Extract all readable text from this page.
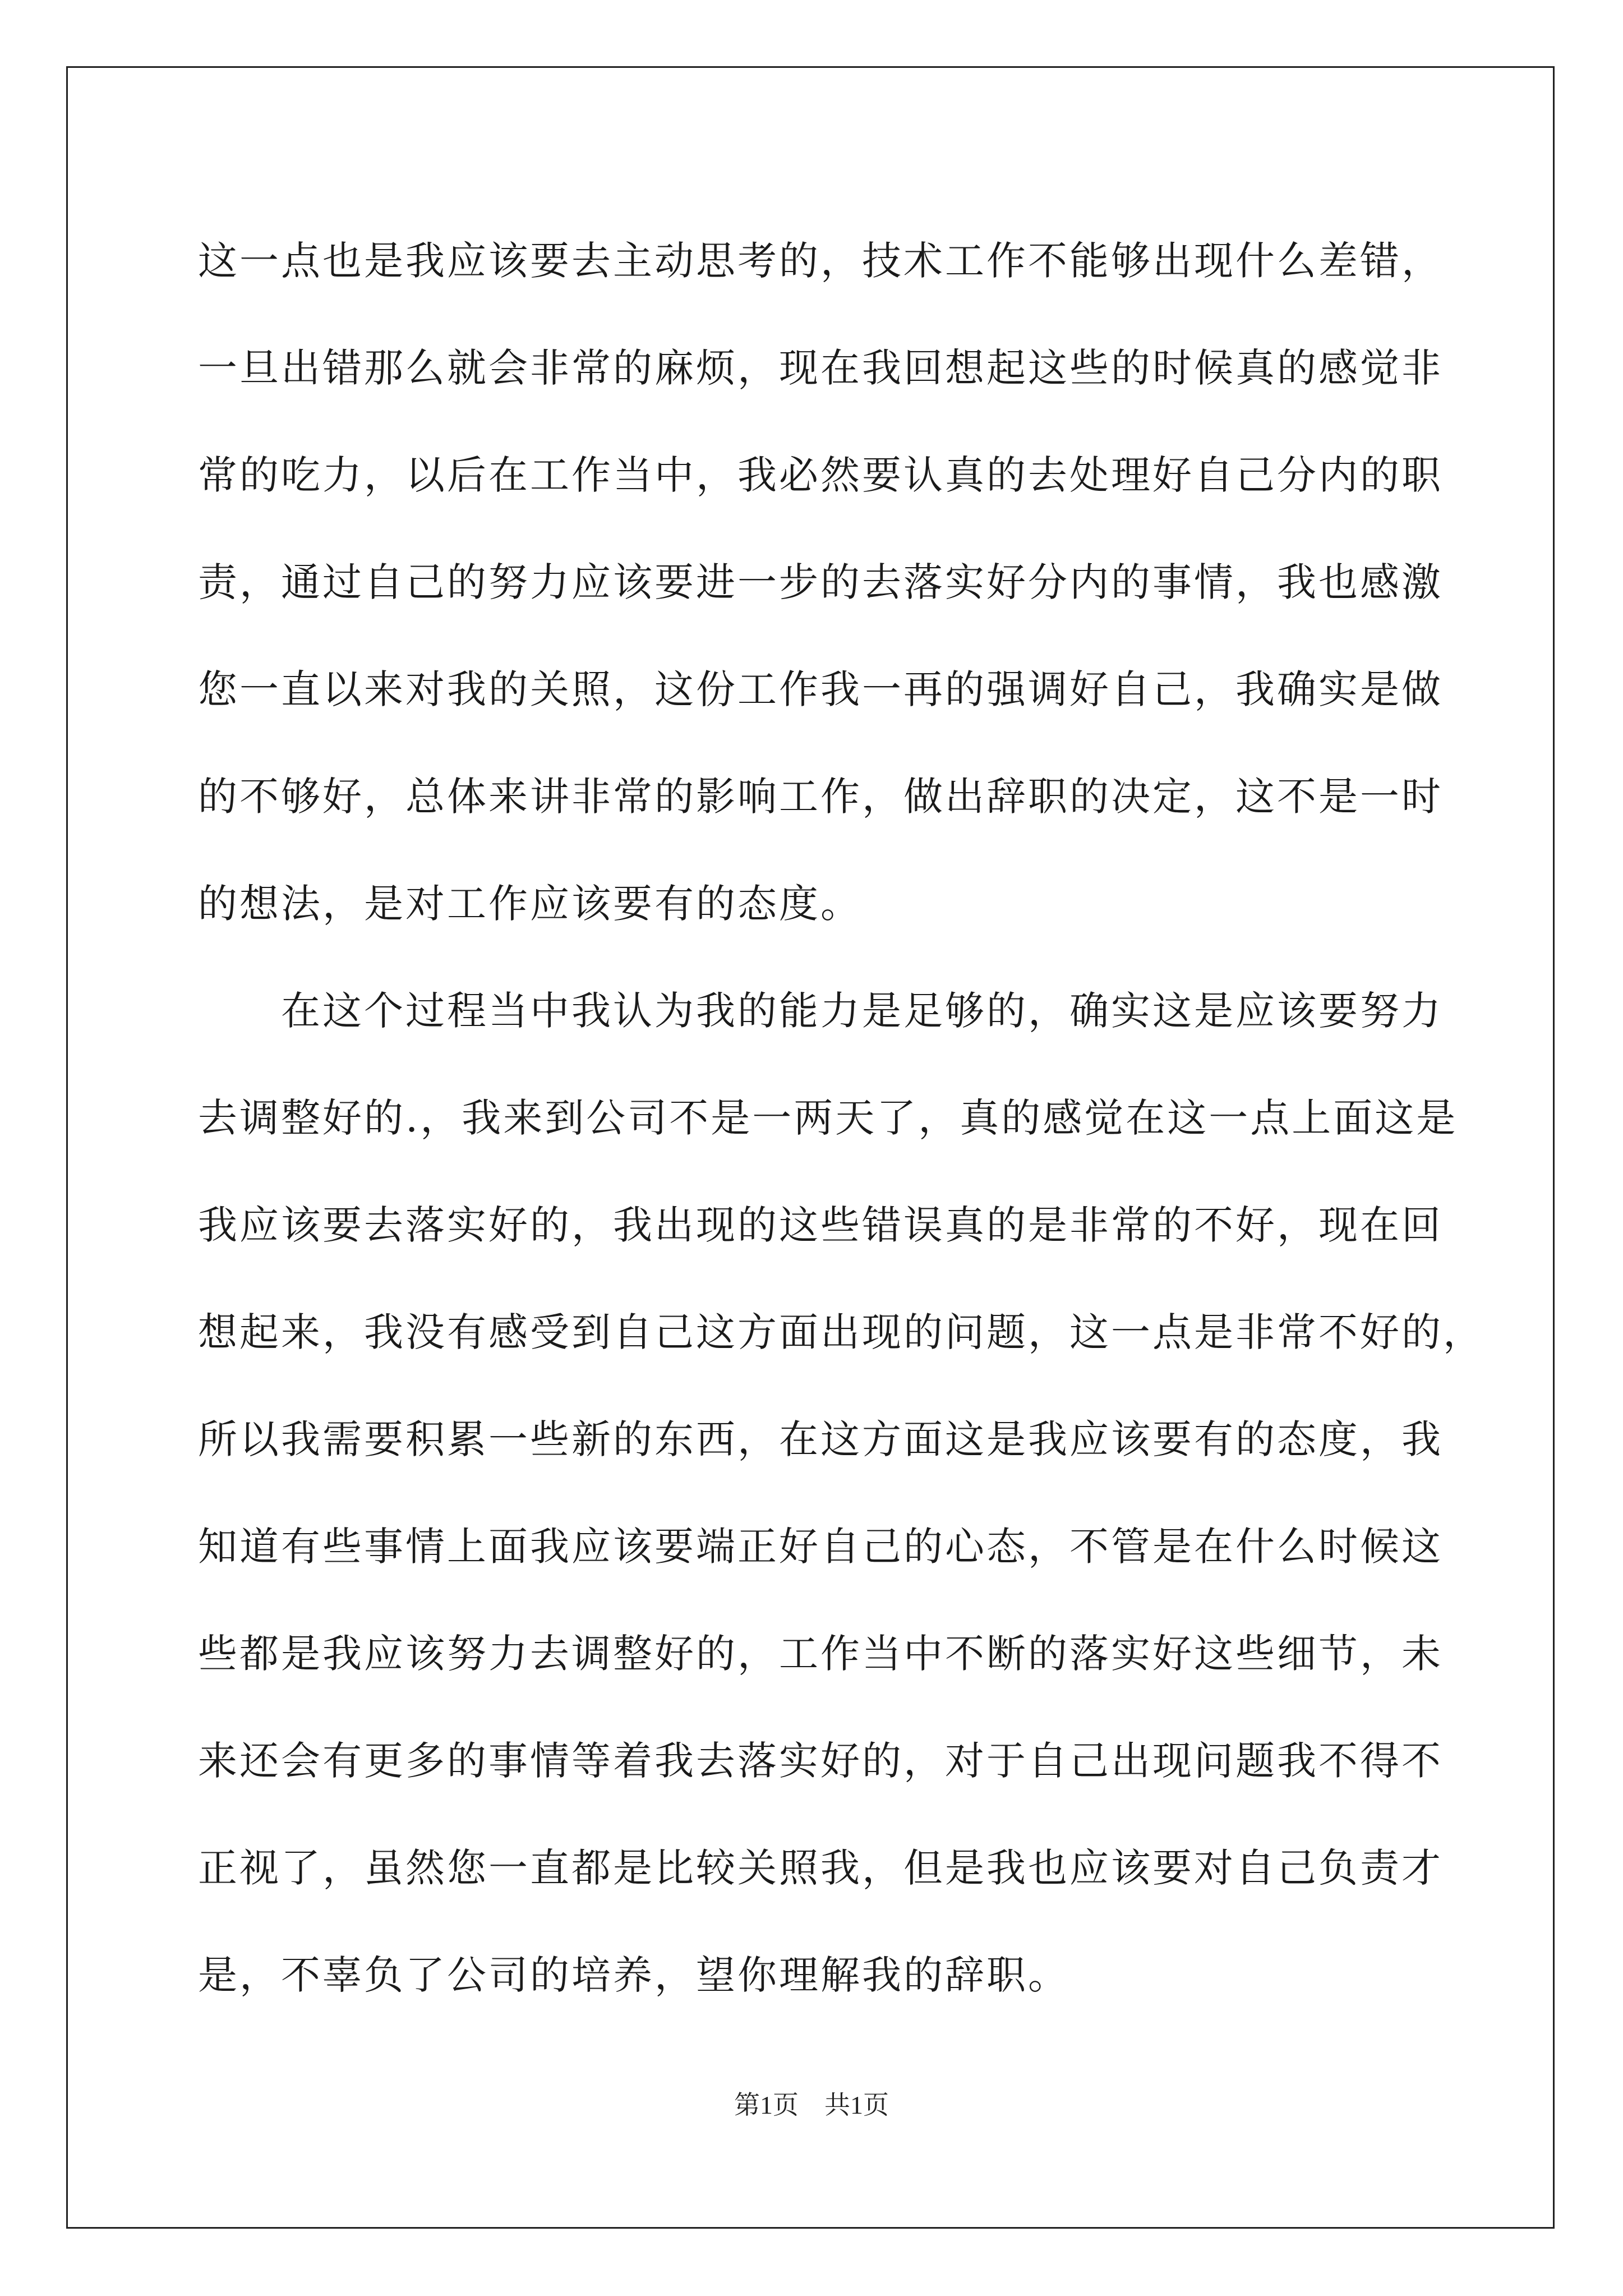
这一点也是我应该要去主动思考的，技术工作不能够出现什么差错，
一旦出错那么就会非常的麻烦，现在我回想起这些的时候真的感觉非
常的吃力，以后在工作当中，我必然要认真的去处理好自己分内的职
责，通过自己的努力应该要进一步的去落实好分内的事情，我也感激
您一直以来对我的关照，这份工作我一再的强调好自己，我确实是做
的不够好，总体来讲非常的影响工作，做出辞职的决定，这不是一时
的想法，是对工作应该要有的态度。
在这个过程当中我认为我的能力是足够的，确实这是应该要努力
去调整好的.，我来到公司不是一两天了，真的感觉在这一点上面这是
我应该要去落实好的，我出现的这些错误真的是非常的不好，现在回
想起来，我没有感受到自己这方面出现的问题，这一点是非常不好的，
所以我需要积累一些新的东西，在这方面这是我应该要有的态度，我
知道有些事情上面我应该要端正好自己的心态，不管是在什么时候这
些都是我应该努力去调整好的，工作当中不断的落实好这些细节，未
来还会有更多的事情等着我去落实好的，对于自己出现问题我不得不
正视了，虽然您一直都是比较关照我，但是我也应该要对自己负责才
是，不辜负了公司的培养，望你理解我的辞职。
第1页　共1页
